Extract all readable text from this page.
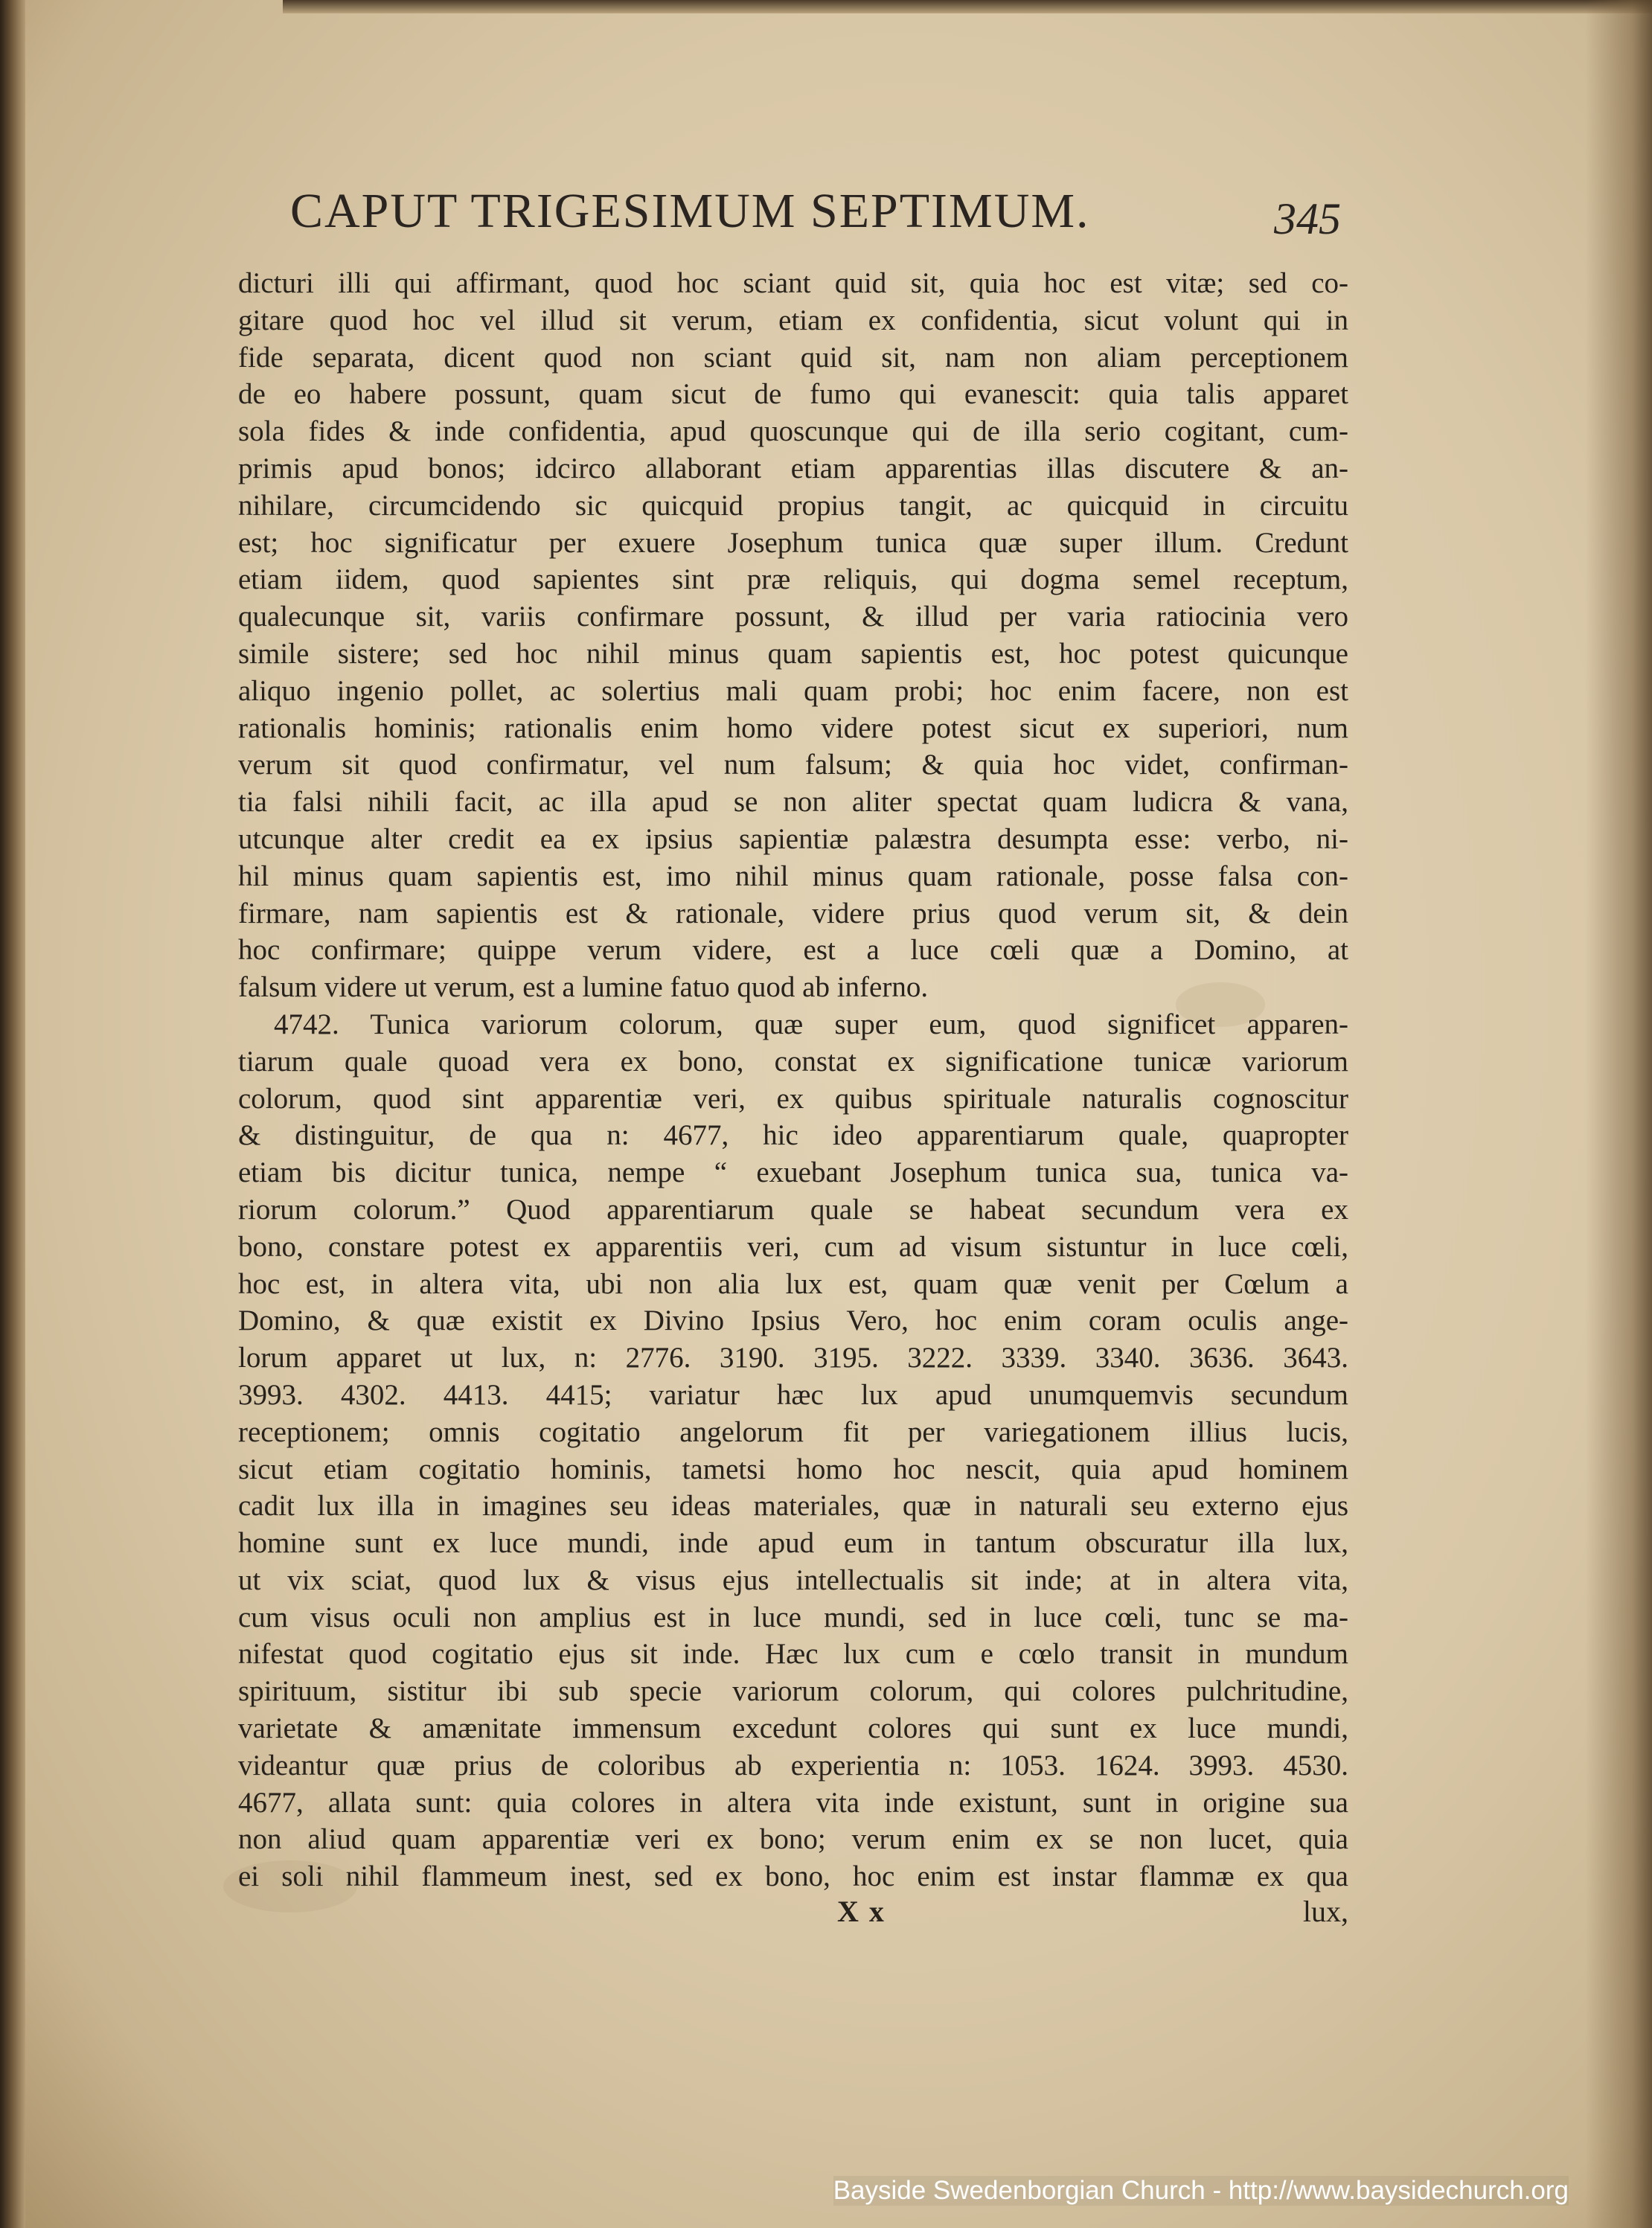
CAPUT TRIGESIMUM SEPTIMUM.	345
dicturi illi qui affirmant, quod hoc sciant quid sit, quia hoc est vitæ; sed co-
gitare quod hoc vel illud sit verum, etiam ex confidentia, sicut volunt qui in
fide separata, dicent quod non sciant quid sit, nam non aliam perceptionem
de eo habere possunt, quam sicut de fumo qui evanescit: quia talis apparet
sola fides & inde confidentia, apud quoscunque qui de illa serio cogitant, cum-
primis apud bonos; idcirco allaborant etiam apparentias illas discutere & an-
nihilare, circumcidendo sic quicquid propius tangit, ac quicquid in circuitu
est; hoc significatur per exuere Josephum tunica quæ super illum. Credunt
etiam iidem, quod sapientes sint præ reliquis, qui dogma semel receptum,
qualecunque sit, variis confirmare possunt, & illud per varia ratiocinia vero
simile sistere; sed hoc nihil minus quam sapientis est, hoc potest quicunque
aliquo ingenio pollet, ac solertius mali quam probi; hoc enim facere, non est
rationalis hominis; rationalis enim homo videre potest sicut ex superiori, num
verum sit quod confirmatur, vel num falsum; & quia hoc videt, confirman-
tia falsi nihili facit, ac illa apud se non aliter spectat quam ludicra & vana,
utcunque alter credit ea ex ipsius sapientiæ palæstra desumpta esse: verbo, ni-
hil minus quam sapientis est, imo nihil minus quam rationale, posse falsa con-
firmare, nam sapientis est & rationale, videre prius quod verum sit, & dein
hoc confirmare; quippe verum videre, est a luce cœli quæ a Domino, at
falsum videre ut verum, est a lumine fatuo quod ab inferno.
4742. Tunica variorum colorum, quæ super eum, quod significet apparen-
tiarum quale quoad vera ex bono, constat ex significatione tunicæ variorum
colorum, quod sint apparentiæ veri, ex quibus spirituale naturalis cognoscitur
& distinguitur, de qua n: 4677, hic ideo apparentiarum quale, quapropter
etiam bis dicitur tunica, nempe “ exuebant Josephum tunica sua, tunica va-
riorum colorum.” Quod apparentiarum quale se habeat secundum vera ex
bono, constare potest ex apparentiis veri, cum ad visum sistuntur in luce cœli,
hoc est, in altera vita, ubi non alia lux est, quam quæ venit per Cœlum a
Domino, & quæ existit ex Divino Ipsius Vero, hoc enim coram oculis ange-
lorum apparet ut lux, n: 2776. 3190. 3195. 3222. 3339. 3340. 3636. 3643.
3993. 4302. 4413. 4415; variatur hæc lux apud unumquemvis secundum
receptionem; omnis cogitatio angelorum fit per variegationem illius lucis,
sicut etiam cogitatio hominis, tametsi homo hoc nescit, quia apud hominem
cadit lux illa in imagines seu ideas materiales, quæ in naturali seu externo ejus
homine sunt ex luce mundi, inde apud eum in tantum obscuratur illa lux,
ut vix sciat, quod lux & visus ejus intellectualis sit inde; at in altera vita,
cum visus oculi non amplius est in luce mundi, sed in luce cœli, tunc se ma-
nifestat quod cogitatio ejus sit inde. Hæc lux cum e cœlo transit in mundum
spirituum, sistitur ibi sub specie variorum colorum, qui colores pulchritudine,
varietate & amænitate immensum excedunt colores qui sunt ex luce mundi,
videantur quæ prius de coloribus ab experientia n: 1053. 1624. 3993. 4530.
4677, allata sunt: quia colores in altera vita inde existunt, sunt in origine sua
non aliud quam apparentiæ veri ex bono; verum enim ex se non lucet, quia
ei soli nihil flammeum inest, sed ex bono, hoc enim est instar flammæ ex qua
X x	lux,
Bayside Swedenborgian Church - http://www.baysidechurch.org
